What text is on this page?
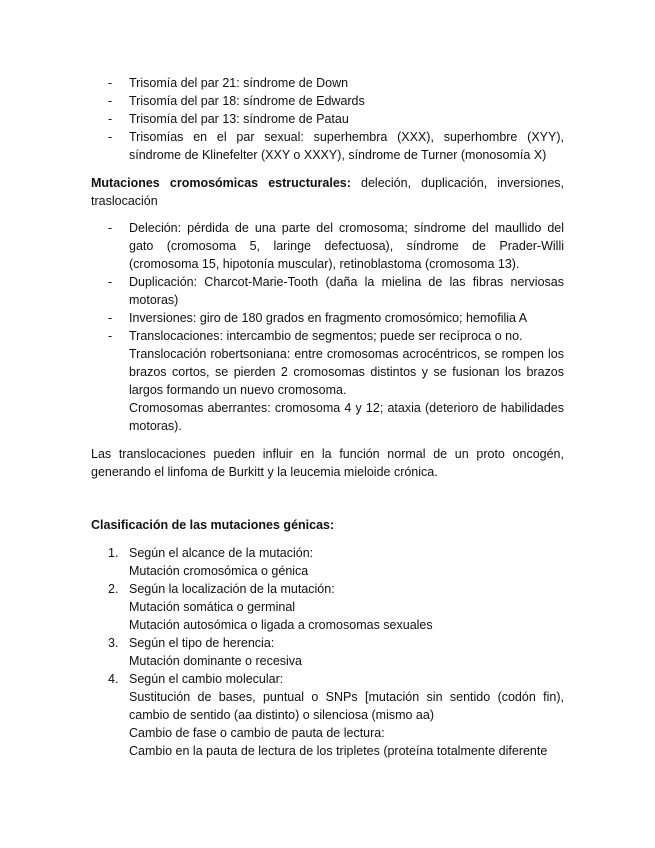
- Trisomía del par 21: síndrome de Down
- Trisomía del par 18: síndrome de Edwards
- Trisomía del par 13: síndrome de Patau
- Trisomías en el par sexual: superhembra (XXX), superhombre (XYY), síndrome de Klinefelter (XXY o XXXY), síndrome de Turner (monosomía X)

Mutaciones cromosómicas estructurales: deleción, duplicación, inversiones, traslocación

- Deleción: pérdida de una parte del cromosoma; síndrome del maullido del gato (cromosoma 5, laringe defectuosa), síndrome de Prader-Willi (cromosoma 15, hipotonía muscular), retinoblastoma (cromosoma 13).
- Duplicación: Charcot-Marie-Tooth (daña la mielina de las fibras nerviosas motoras)
- Inversiones: giro de 180 grados en fragmento cromosómico; hemofilia A
- Translocaciones: intercambio de segmentos; puede ser recíproca o no.
Translocación robertsoniana: entre cromosomas acrocéntricos, se rompen los brazos cortos, se pierden 2 cromosomas distintos y se fusionan los brazos largos formando un nuevo cromosoma.
Cromosomas aberrantes: cromosoma 4 y 12; ataxia (deterioro de habilidades motoras).

Las translocaciones pueden influir en la función normal de un proto oncogén, generando el linfoma de Burkitt y la leucemia mieloide crónica.

Clasificación de las mutaciones génicas:

1. Según el alcance de la mutación:
Mutación cromosómica o génica
2. Según la localización de la mutación:
Mutación somática o germinal
Mutación autosómica o ligada a cromosomas sexuales
3. Según el tipo de herencia:
Mutación dominante o recesiva
4. Según el cambio molecular:
Sustitución de bases, puntual o SNPs [mutación sin sentido (codón fin), cambio de sentido (aa distinto) o silenciosa (mismo aa)
Cambio de fase o cambio de pauta de lectura:
Cambio en la pauta de lectura de los tripletes (proteína totalmente diferente
